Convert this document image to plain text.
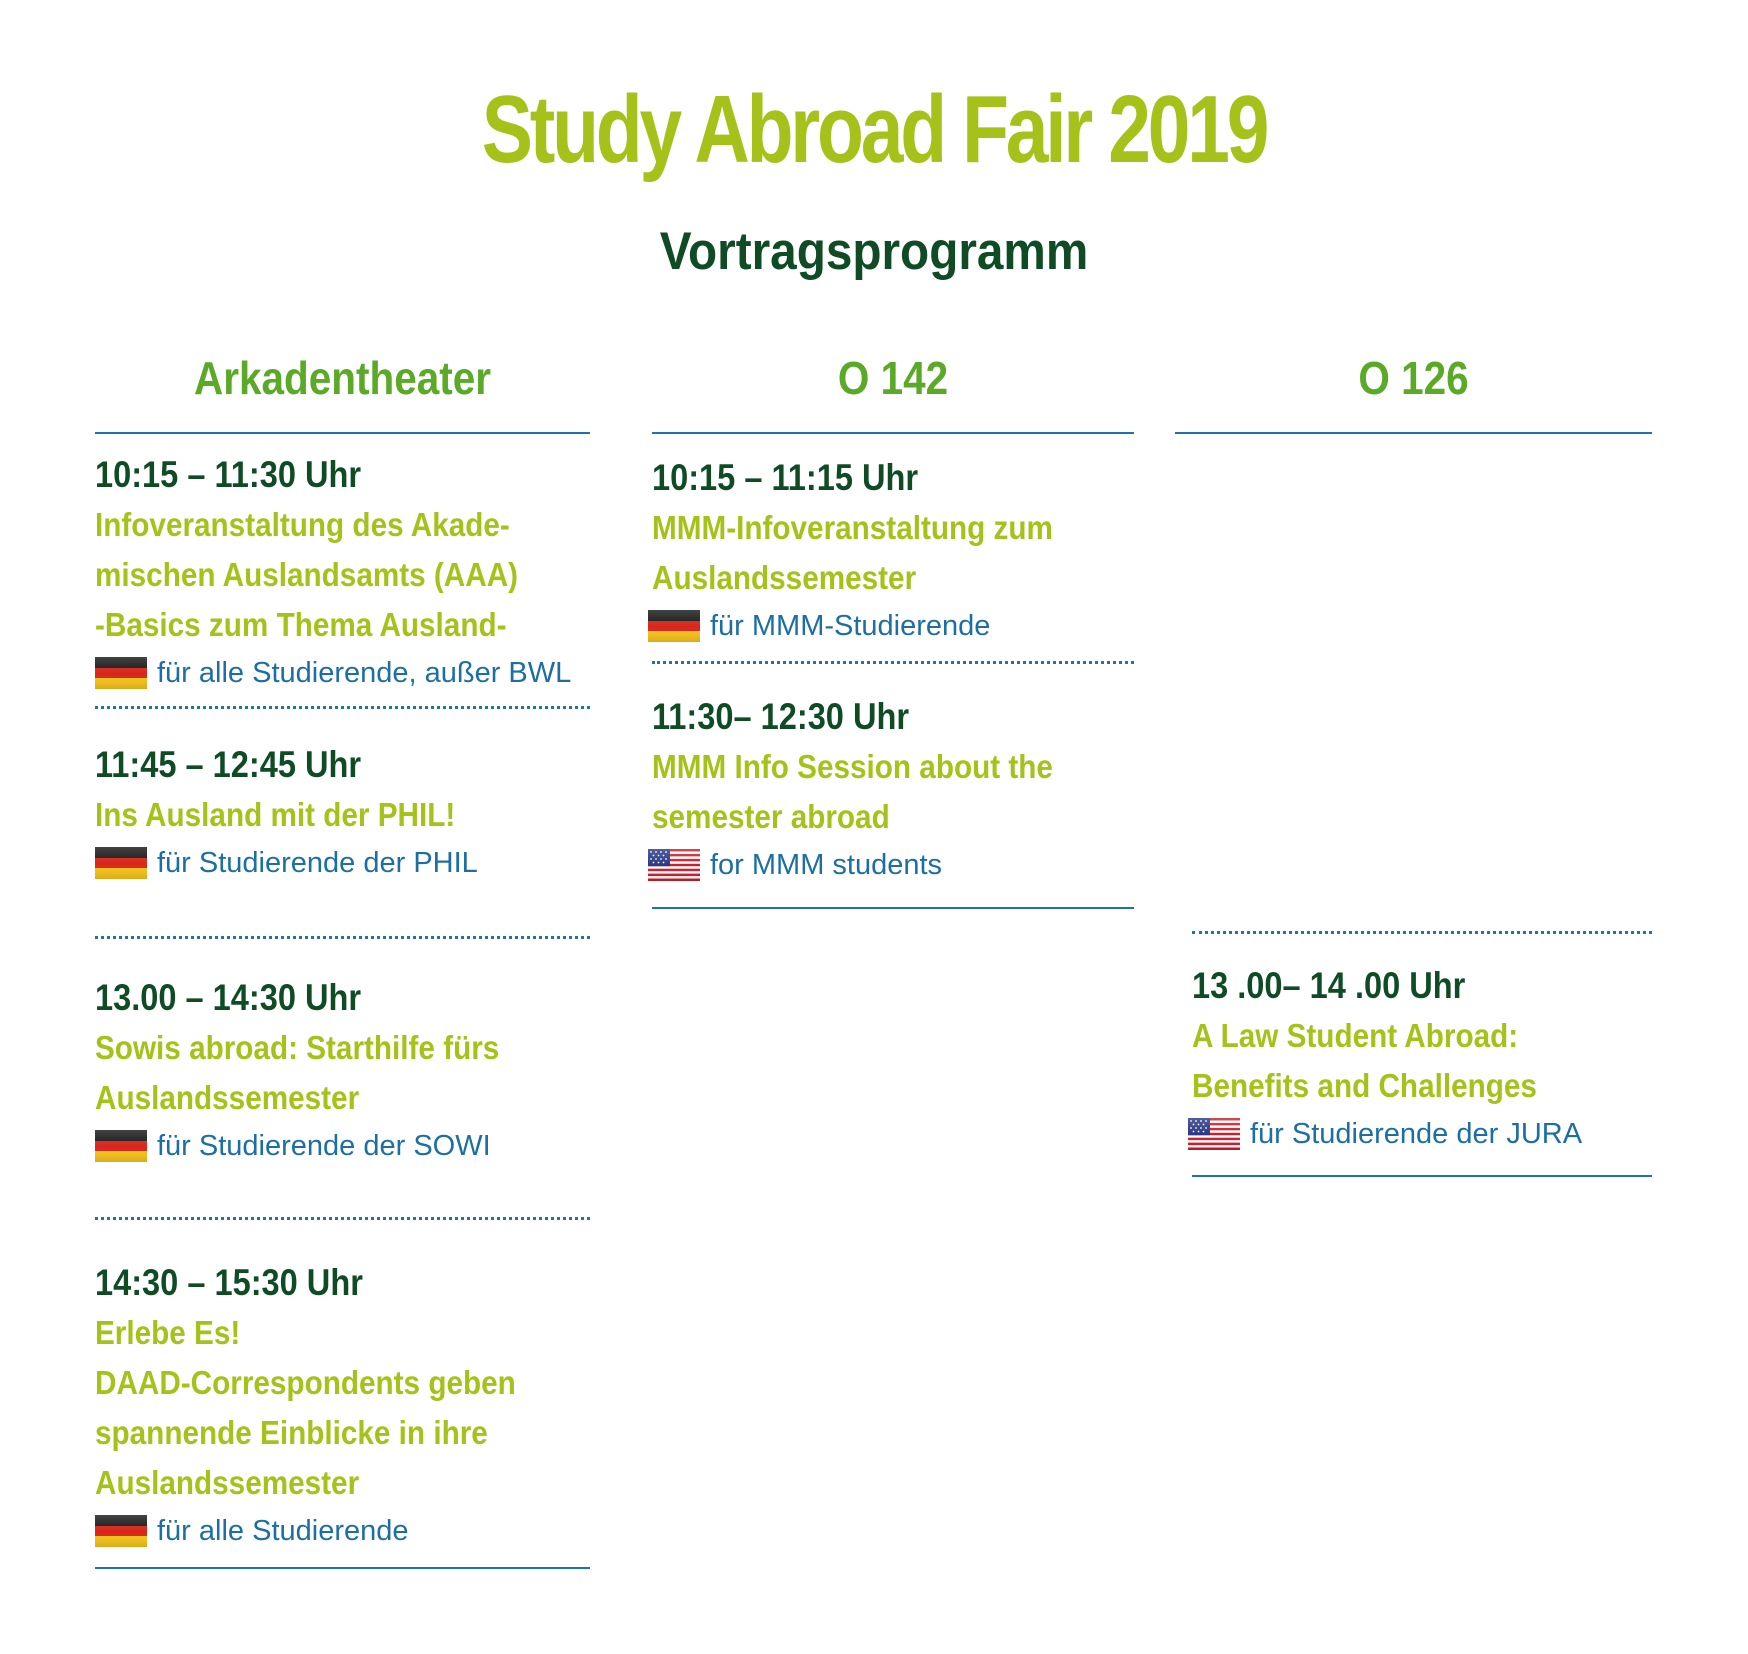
Study Abroad Fair 2019
Vortragsprogramm
Arkadentheater	O 142	O 126
10:15 – 11:30 Uhr
Infoveranstaltung des Akade-
mischen Auslandsamts (AAA)
-Basics zum Thema Ausland-
für alle Studierende, außer BWL
11:45 – 12:45 Uhr
Ins Ausland mit der PHIL!
für Studierende der PHIL
13.00 – 14:30 Uhr
Sowis abroad: Starthilfe fürs
Auslandssemester
für Studierende der SOWI
14:30 – 15:30 Uhr
Erlebe Es!
DAAD-Correspondents geben
spannende Einblicke in ihre
Auslandssemester
für alle Studierende
10:15 – 11:15 Uhr
MMM-Infoveranstaltung zum
Auslandssemester
für MMM-Studierende
11:30– 12:30 Uhr
MMM Info Session about the
semester abroad
for MMM students
13 .00– 14 .00 Uhr
A Law Student Abroad:
Benefits and Challenges
für Studierende der JURA
